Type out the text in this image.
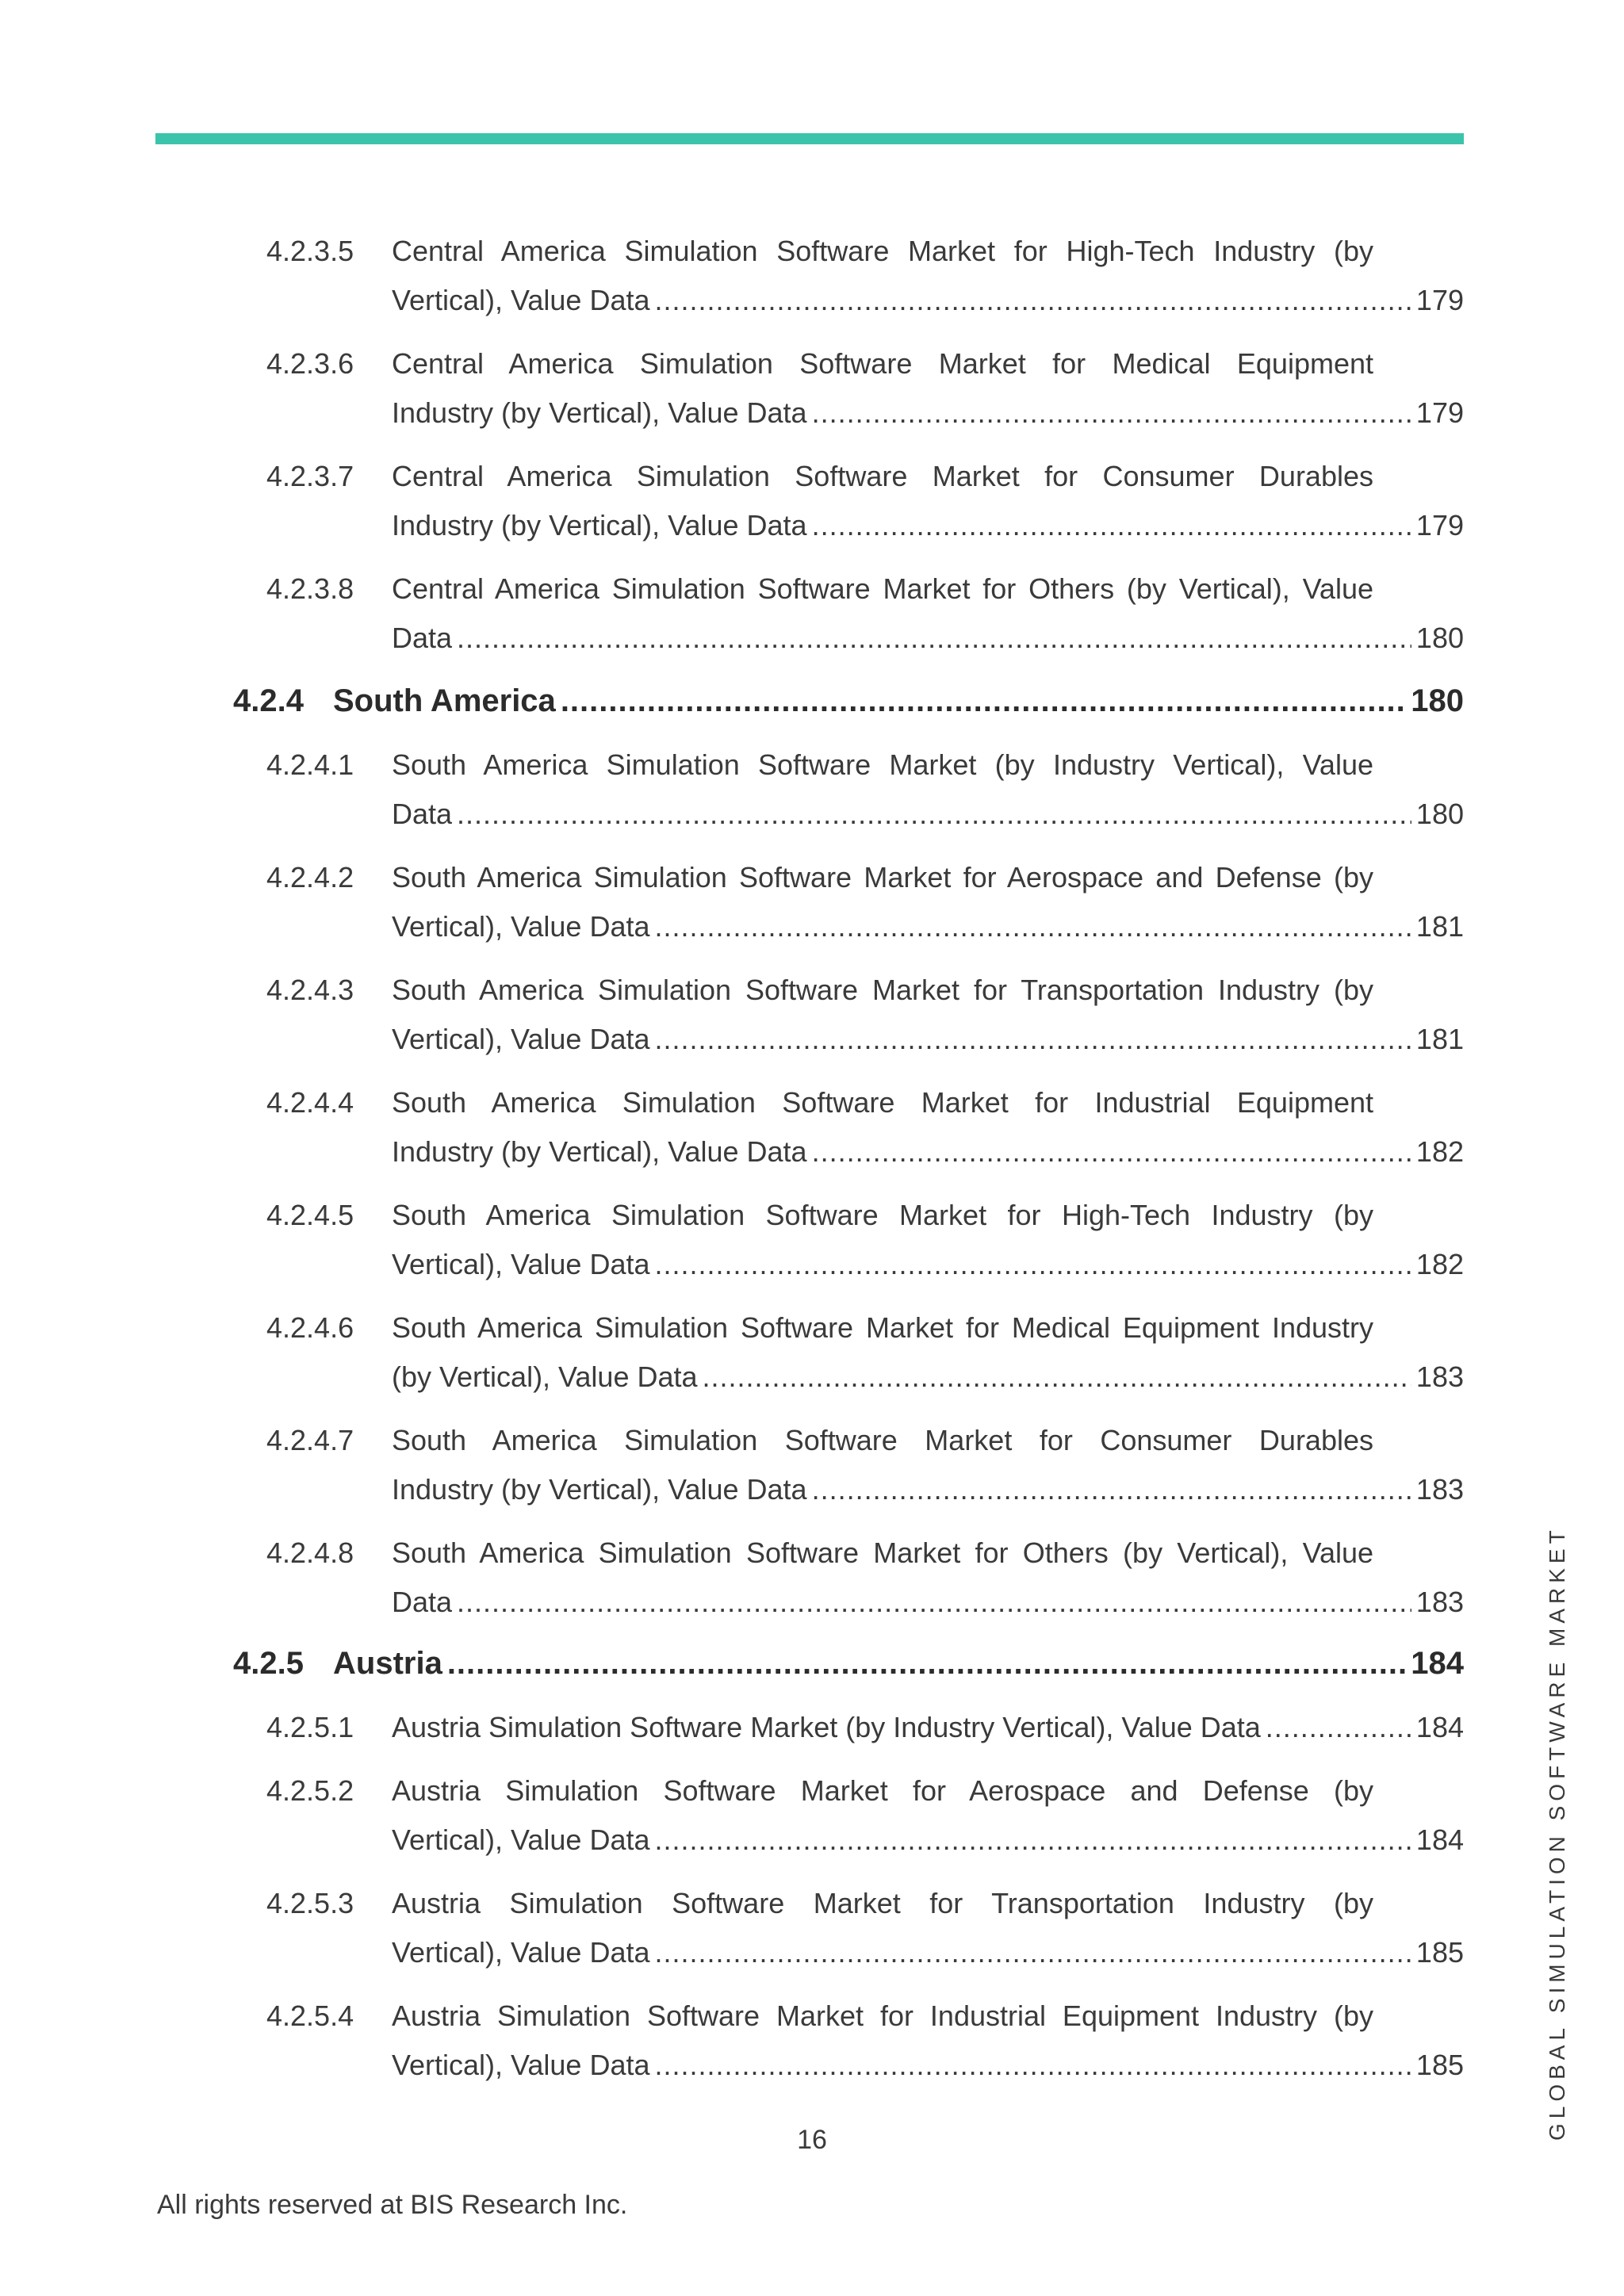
4.2.3.5 Central America Simulation Software Market for High-Tech Industry (by
Vertical), Value Data .....	179
4.2.3.6 Central America Simulation Software Market for Medical Equipment
Industry (by Vertical), Value Data .....	179
4.2.3.7 Central America Simulation Software Market for Consumer Durables
Industry (by Vertical), Value Data .....	179
4.2.3.8 Central America Simulation Software Market for Others (by Vertical), Value
Data .....	180
4.2.4 South America .....	180
4.2.4.1 South America Simulation Software Market (by Industry Vertical), Value
Data .....	180
4.2.4.2 South America Simulation Software Market for Aerospace and Defense (by
Vertical), Value Data .....	181
4.2.4.3 South America Simulation Software Market for Transportation Industry (by
Vertical), Value Data .....	181
4.2.4.4 South America Simulation Software Market for Industrial Equipment
Industry (by Vertical), Value Data .....	182
4.2.4.5 South America Simulation Software Market for High-Tech Industry (by
Vertical), Value Data .....	182
4.2.4.6 South America Simulation Software Market for Medical Equipment Industry
(by Vertical), Value Data .....	183
4.2.4.7 South America Simulation Software Market for Consumer Durables
Industry (by Vertical), Value Data .....	183
4.2.4.8 South America Simulation Software Market for Others (by Vertical), Value
Data .....	183
4.2.5 Austria .....	184
4.2.5.1 Austria Simulation Software Market (by Industry Vertical), Value Data .....	184
4.2.5.2 Austria Simulation Software Market for Aerospace and Defense (by
Vertical), Value Data .....	184
4.2.5.3 Austria Simulation Software Market for Transportation Industry (by
Vertical), Value Data .....	185
4.2.5.4 Austria Simulation Software Market for Industrial Equipment Industry (by
Vertical), Value Data .....	185
16
All rights reserved at BIS Research Inc.
GLOBAL SIMULATION SOFTWARE MARKET
